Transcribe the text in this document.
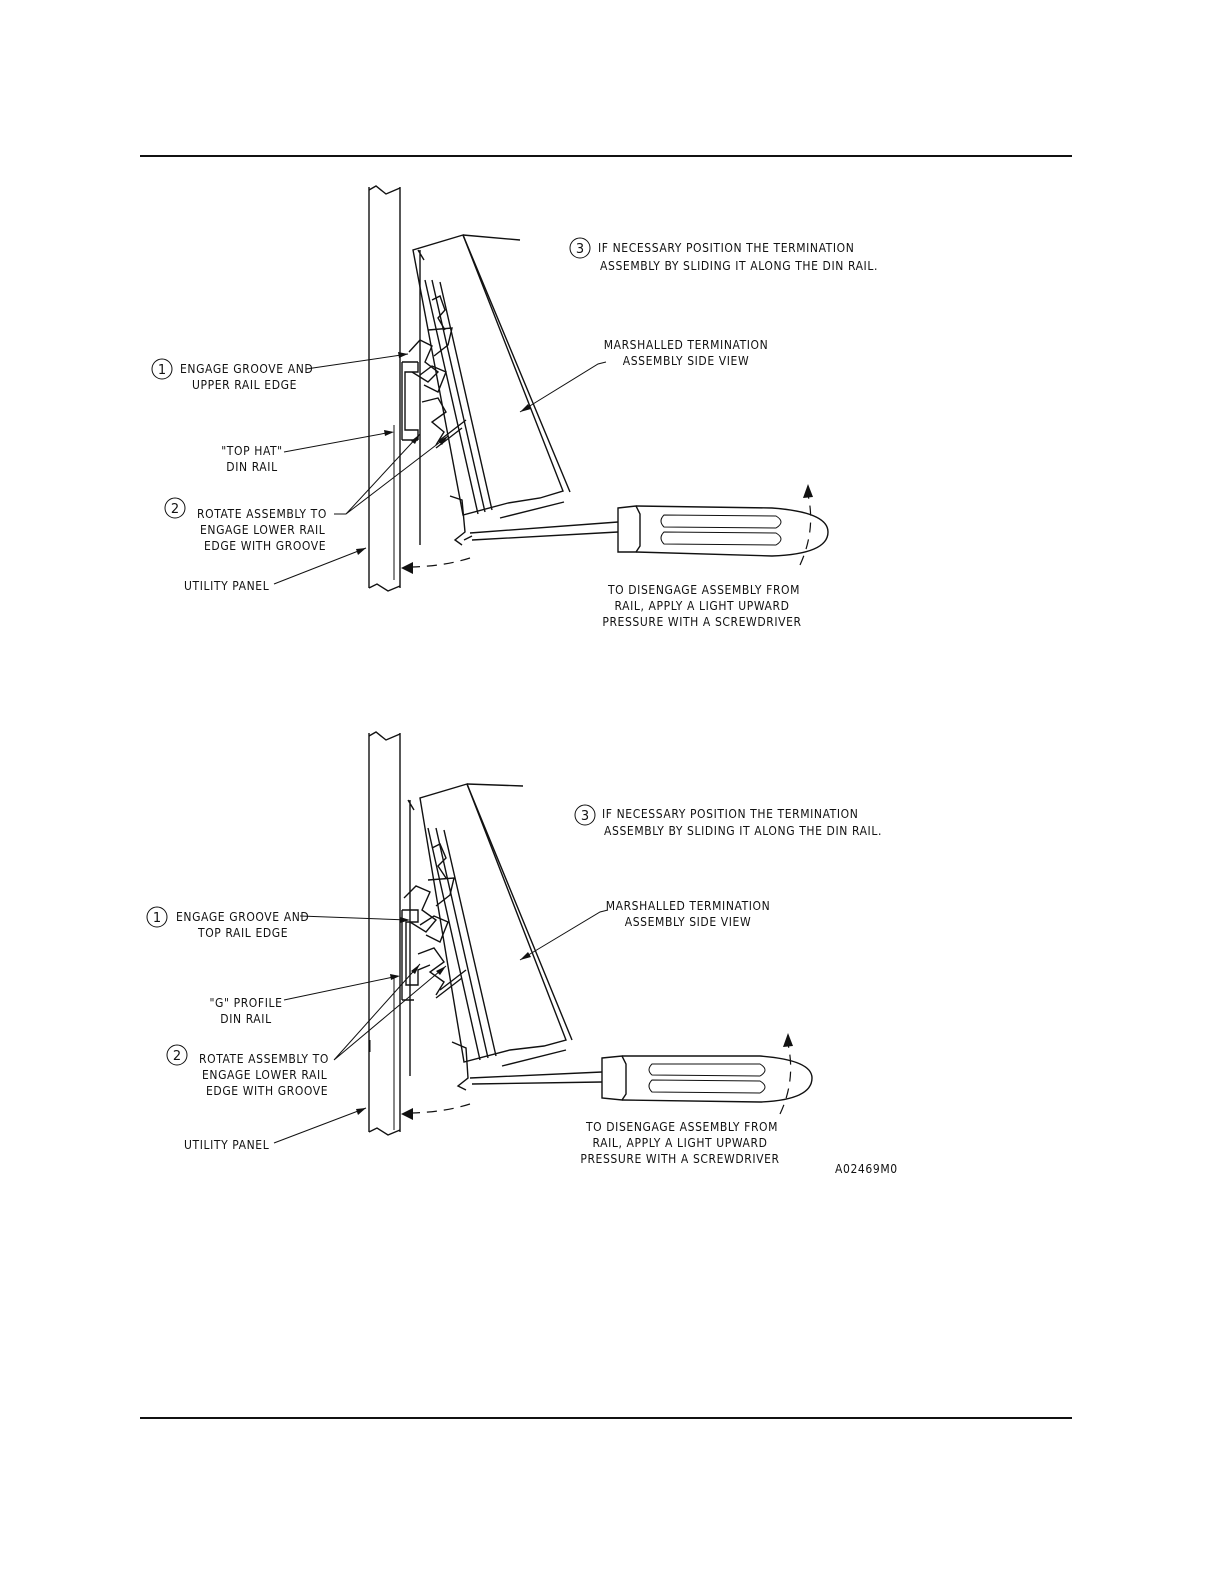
3 IF NECESSARY POSITION THE TERMINATION
ASSEMBLY BY SLIDING IT ALONG THE DIN RAIL.
MARSHALLED TERMINATION
ASSEMBLY SIDE VIEW
1 ENGAGE GROOVE AND
UPPER RAIL EDGE
"TOP HAT"
DIN RAIL
2 ROTATE ASSEMBLY TO
ENGAGE LOWER RAIL
EDGE WITH GROOVE
UTILITY PANEL	TO DISENGAGE ASSEMBLY FROM
RAIL, APPLY A LIGHT UPWARD
PRESSURE WITH A SCREWDRIVER
3 IF NECESSARY POSITION THE TERMINATION
ASSEMBLY BY SLIDING IT ALONG THE DIN RAIL.
MARSHALLED TERMINATION
ASSEMBLY SIDE VIEW
1 ENGAGE GROOVE AND
TOP RAIL EDGE
"G" PROFILE
DIN RAIL
2 ROTATE ASSEMBLY TO
ENGAGE LOWER RAIL
EDGE WITH GROOVE
UTILITY PANEL
TO DISENGAGE ASSEMBLY FROM
RAIL, APPLY A LIGHT UPWARD
PRESSURE WITH A SCREWDRIVER
A02469M0
